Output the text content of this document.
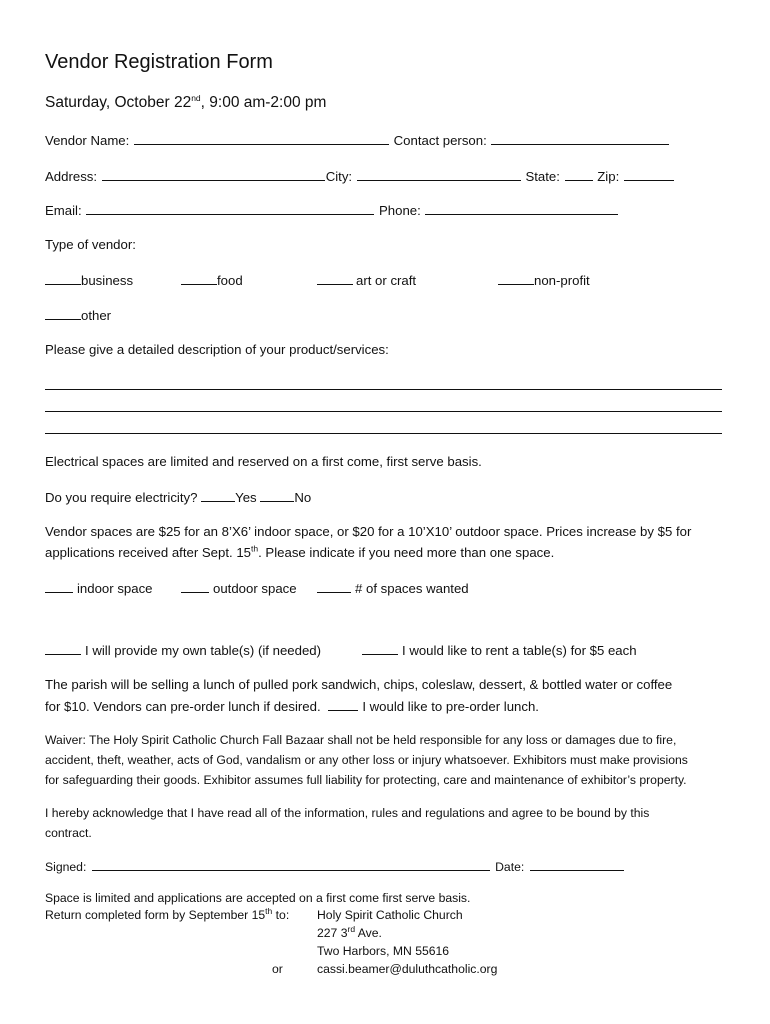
Vendor Registration Form
Saturday, October 22nd, 9:00 am-2:00 pm
Vendor Name:	Contact person:
Address:	City:	State:	Zip:
Email:	Phone:
Type of vendor:
business	food	art or craft	non-profit
other
Please give a detailed description of your product/services:
Electrical spaces are limited and reserved on a first come, first serve basis.
Do you require electricity?	Yes	No
Vendor spaces are $25 for an 8’X6’ indoor space, or $20 for a 10’X10’ outdoor space. Prices increase by $5 for
applications received after Sept. 15th. Please indicate if you need more than one space.
indoor space	outdoor space	# of spaces wanted
I will provide my own table(s) (if needed)	I would like to rent a table(s) for $5 each
The parish will be selling a lunch of pulled pork sandwich, chips, coleslaw, dessert, & bottled water or coffee
for $10. Vendors can pre-order lunch if desired.	I would like to pre-order lunch.
Waiver: The Holy Spirit Catholic Church Fall Bazaar shall not be held responsible for any loss or damages due to fire,
accident, theft, weather, acts of God, vandalism or any other loss or injury whatsoever. Exhibitors must make provisions
for safeguarding their goods. Exhibitor assumes full liability for protecting, care and maintenance of exhibitor’s property.
I hereby acknowledge that I have read all of the information, rules and regulations and agree to be bound by this
contract.
Signed:	Date:
Space is limited and applications are accepted on a first come first serve basis.
Return completed form by September 15th to: Holy Spirit Catholic Church
227 3rd Ave.
Two Harbors, MN 55616
or	cassi.beamer@duluthcatholic.org
